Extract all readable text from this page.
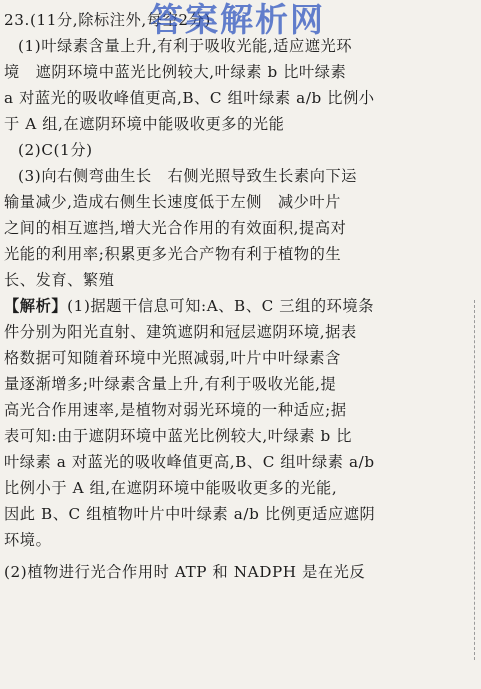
23.(11分,除标注外,每空2分)
答案解析网
(1)叶绿素含量上升,有利于吸收光能,适应遮光环
境　遮阴环境中蓝光比例较大,叶绿素 b 比叶绿素
a 对蓝光的吸收峰值更高,B、C 组叶绿素 a/b 比例小
于 A 组,在遮阴环境中能吸收更多的光能
(2)C(1分)
(3)向右侧弯曲生长　右侧光照导致生长素向下运
输量减少,造成右侧生长速度低于左侧　减少叶片
之间的相互遮挡,增大光合作用的有效面积,提高对
光能的利用率;积累更多光合产物有利于植物的生
长、发育、繁殖
【解析】(1)据题干信息可知:A、B、C 三组的环境条
件分别为阳光直射、建筑遮阴和冠层遮阴环境,据表
格数据可知随着环境中光照减弱,叶片中叶绿素含
量逐渐增多;叶绿素含量上升,有利于吸收光能,提
高光合作用速率,是植物对弱光环境的一种适应;据
表可知:由于遮阴环境中蓝光比例较大,叶绿素 b 比
叶绿素 a 对蓝光的吸收峰值更高,B、C 组叶绿素 a/b
比例小于 A 组,在遮阴环境中能吸收更多的光能,
因此 B、C 组植物叶片中叶绿素 a/b 比例更适应遮阴
环境。
(2)植物进行光合作用时 ATP 和 NADPH 是在光反
